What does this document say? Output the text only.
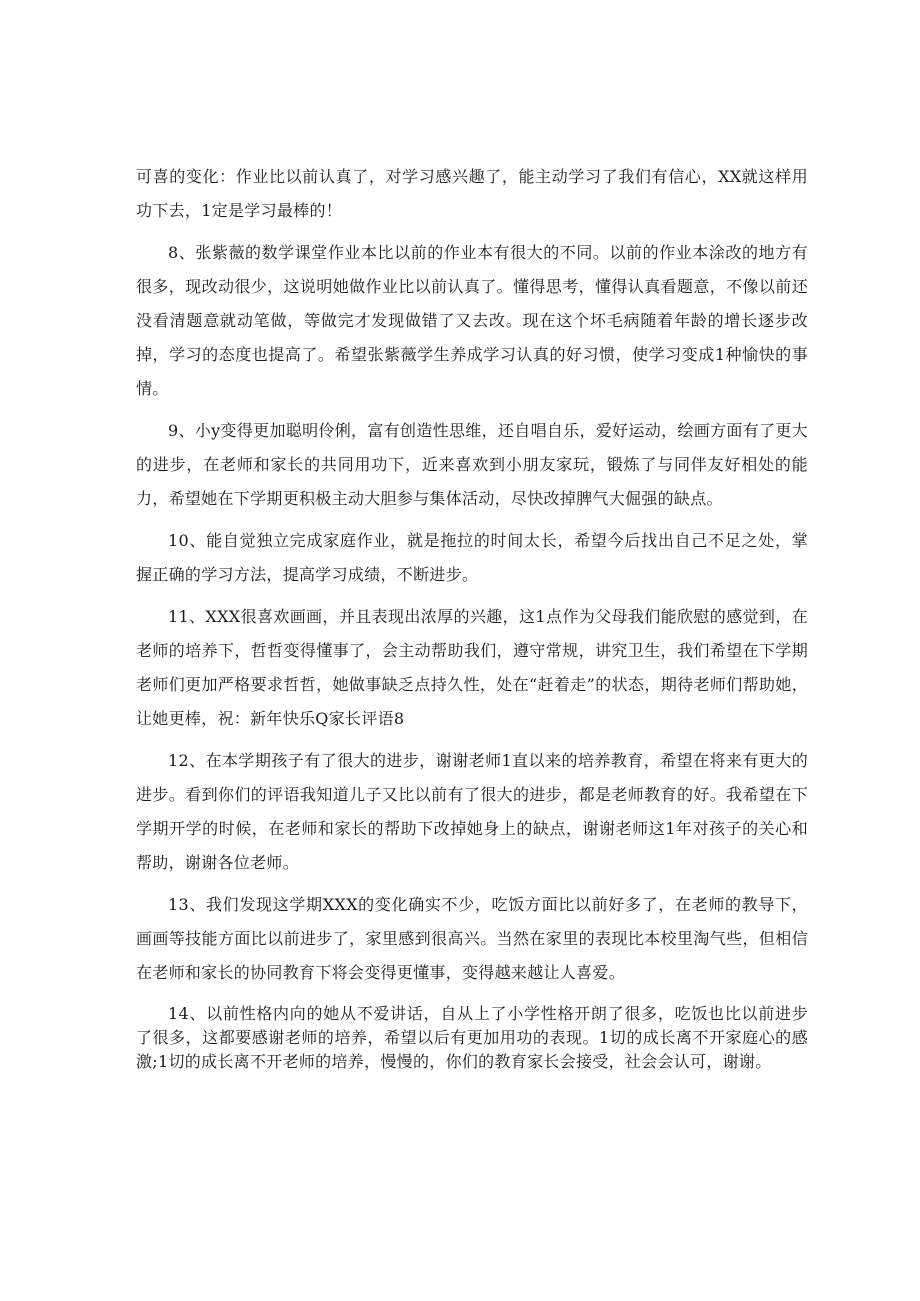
可喜的变化：作业比以前认真了，对学习感兴趣了，能主动学习了我们有信心，XX就这样用功下去，1定是学习最棒的！

8、张紫薇的数学课堂作业本比以前的作业本有很大的不同。以前的作业本涂改的地方有很多，现改动很少，这说明她做作业比以前认真了。懂得思考，懂得认真看题意，不像以前还没看清题意就动笔做，等做完才发现做错了又去改。现在这个坏毛病随着年龄的增长逐步改掉，学习的态度也提高了。希望张紫薇学生养成学习认真的好习惯，使学习变成1种愉快的事情。

9、小y变得更加聪明伶俐，富有创造性思维，还自唱自乐，爱好运动，绘画方面有了更大的进步，在老师和家长的共同用功下，近来喜欢到小朋友家玩，锻炼了与同伴友好相处的能力，希望她在下学期更积极主动大胆参与集体活动，尽快改掉脾气大倔强的缺点。

10、能自觉独立完成家庭作业，就是拖拉的时间太长，希望今后找出自己不足之处，掌握正确的学习方法，提高学习成绩，不断进步。

11、XXX很喜欢画画，并且表现出浓厚的兴趣，这1点作为父母我们能欣慰的感觉到，在老师的培养下，哲哲变得懂事了，会主动帮助我们，遵守常规，讲究卫生，我们希望在下学期老师们更加严格要求哲哲，她做事缺乏点持久性，处在“赶着走”的状态，期待老师们帮助她，让她更棒，祝：新年快乐Q家长评语8

12、在本学期孩子有了很大的进步，谢谢老师1直以来的培养教育，希望在将来有更大的进步。看到你们的评语我知道儿子又比以前有了很大的进步，都是老师教育的好。我希望在下学期开学的时候，在老师和家长的帮助下改掉她身上的缺点，谢谢老师这1年对孩子的关心和帮助，谢谢各位老师。

13、我们发现这学期XXX的变化确实不少，吃饭方面比以前好多了，在老师的教导下，画画等技能方面比以前进步了，家里感到很高兴。当然在家里的表现比本校里淘气些，但相信在老师和家长的协同教育下将会变得更懂事，变得越来越让人喜爱。

14、以前性格内向的她从不爱讲话，自从上了小学性格开朗了很多，吃饭也比以前进步了很多，这都要感谢老师的培养，希望以后有更加用功的表现。1切的成长离不开家庭心的感激;1切的成长离不开老师的培养，慢慢的，你们的教育家长会接受，社会会认可，谢谢。
